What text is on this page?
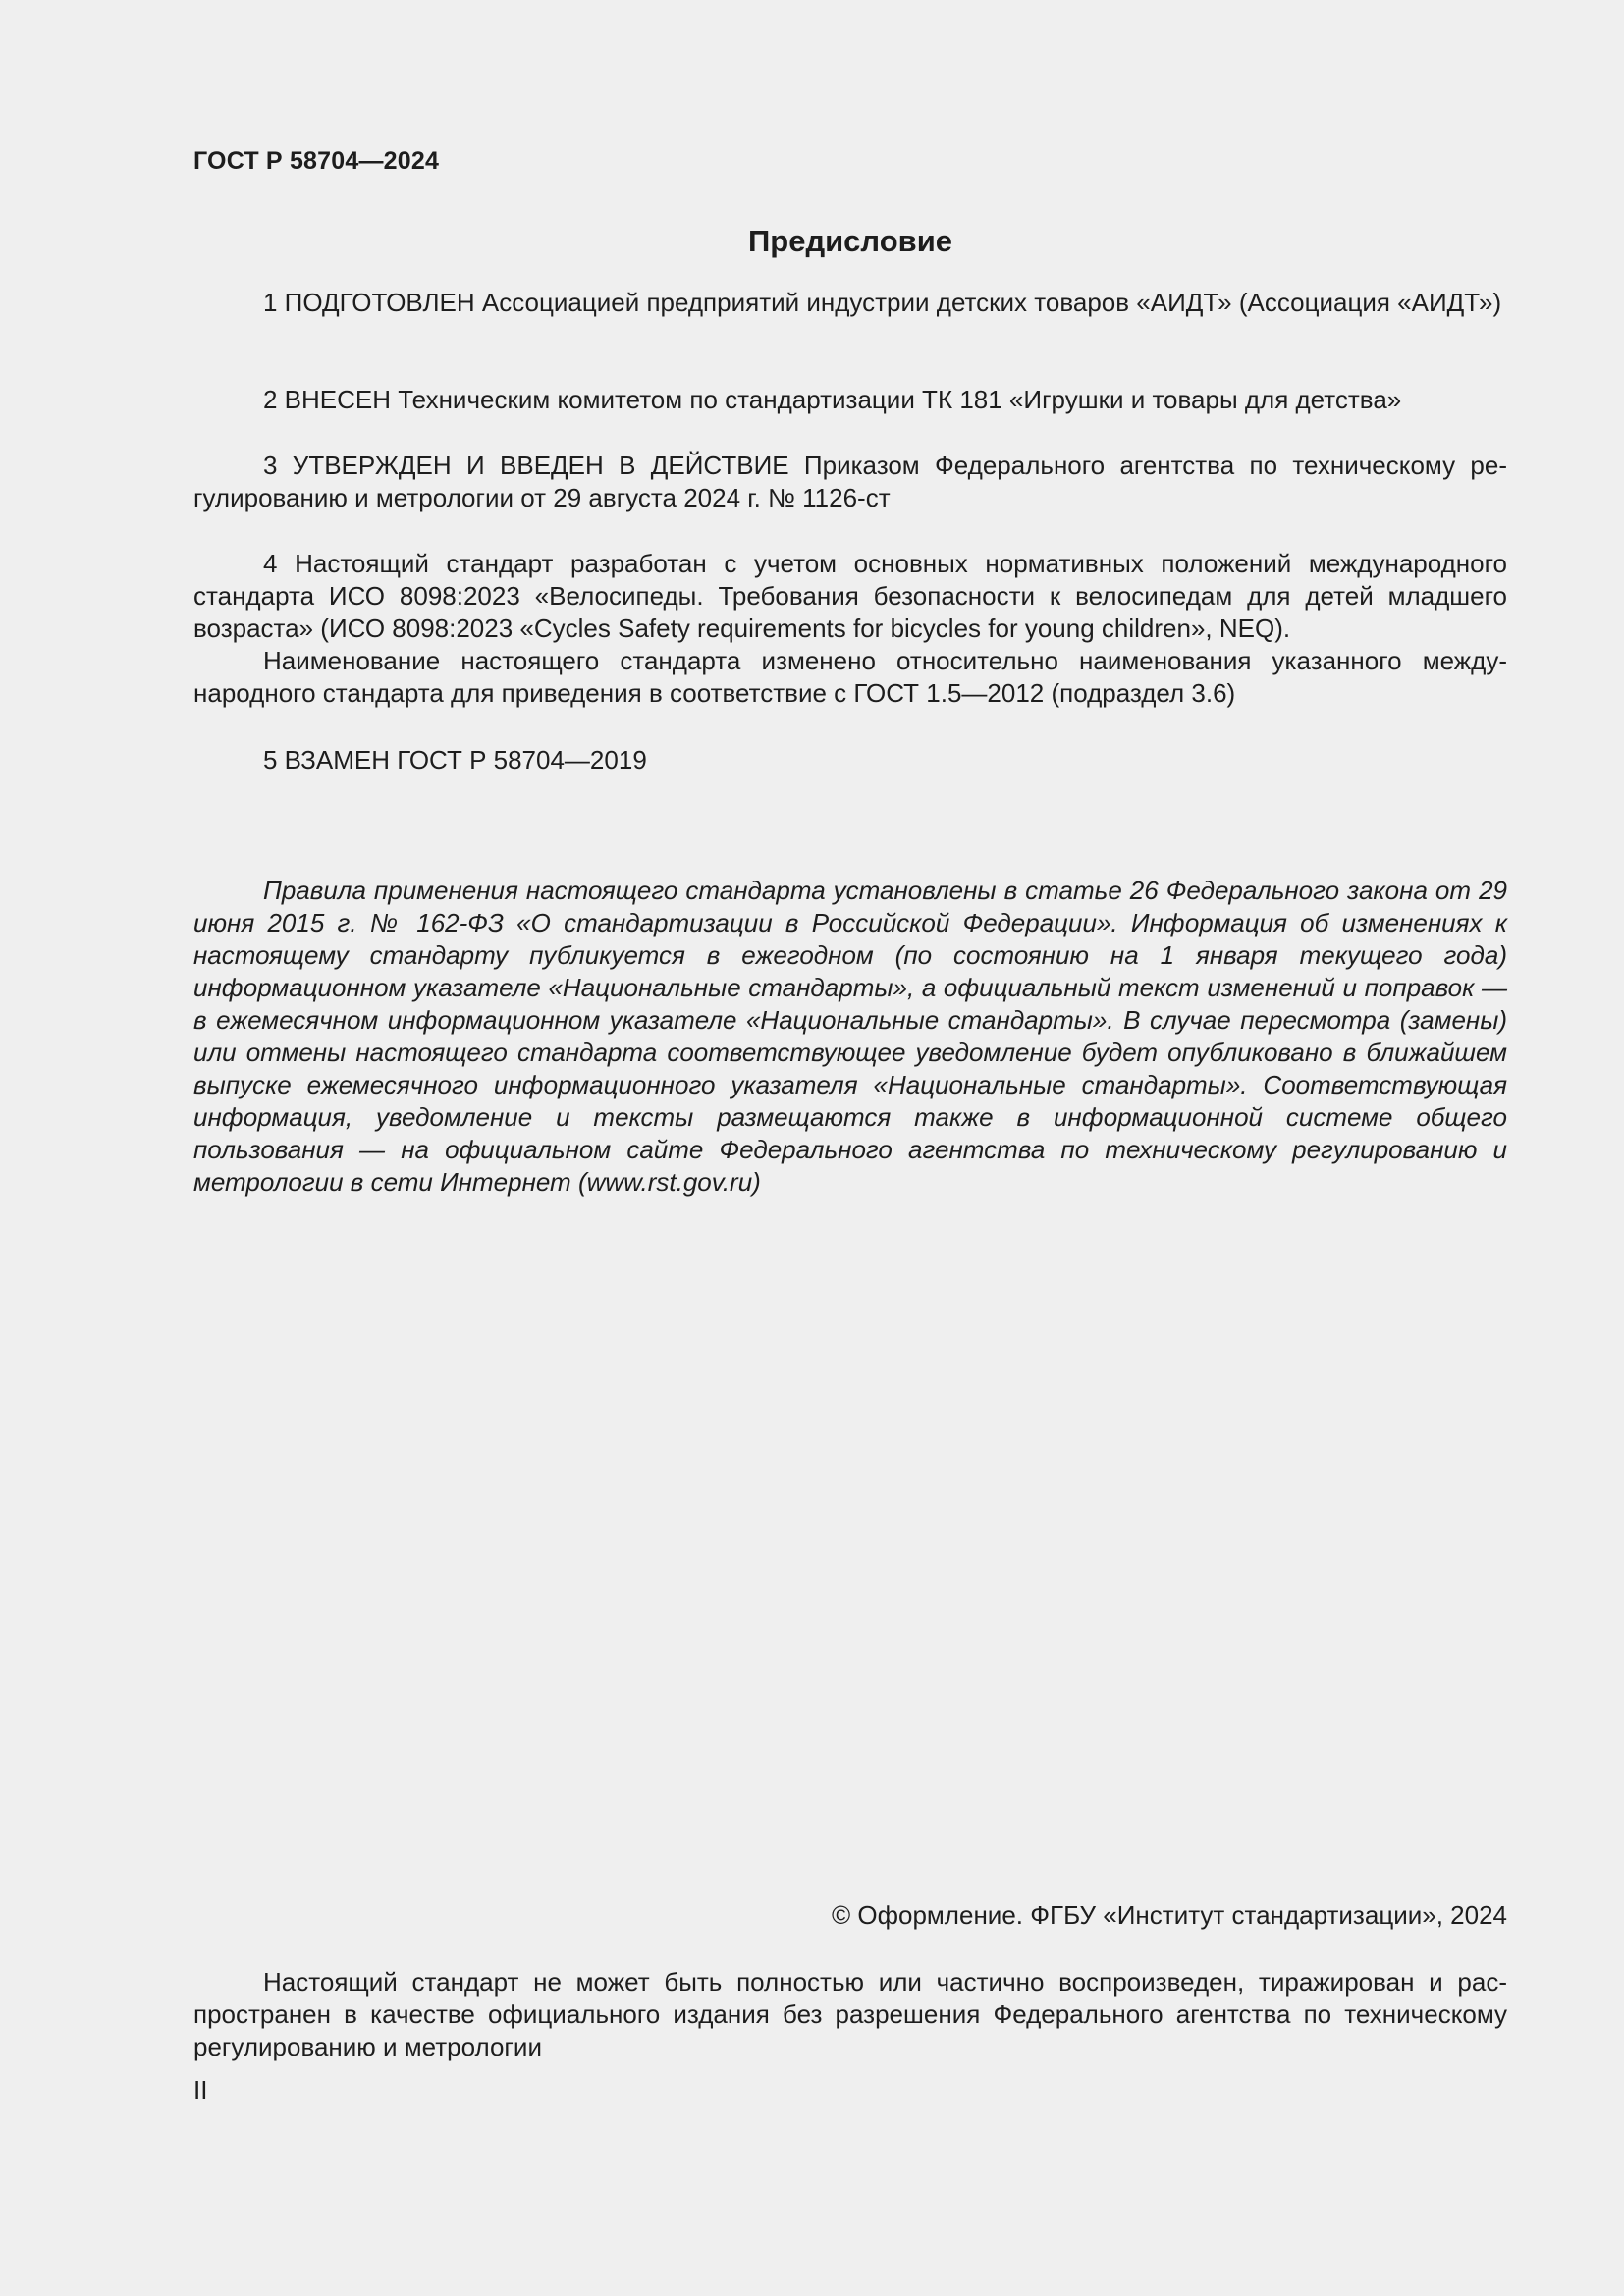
ГОСТ Р 58704—2024
Предисловие

1 ПОДГОТОВЛЕН Ассоциацией предприятий индустрии детских товаров «АИДТ» (Ассоциация «АИДТ»)

2 ВНЕСЕН Техническим комитетом по стандартизации ТК 181 «Игрушки и товары для детства»

3 УТВЕРЖДЕН И ВВЕДЕН В ДЕЙСТВИЕ Приказом Федерального агентства по техническому регулированию и метрологии от 29 августа 2024 г. № 1126-ст

4 Настоящий стандарт разработан с учетом основных нормативных положений международного стандарта ИСО 8098:2023 «Велосипеды. Требования безопасности к велосипедам для детей младшего возраста» (ИСО 8098:2023 «Cycles Safety requirements for bicycles for young children», NEQ).

Наименование настоящего стандарта изменено относительно наименования указанного международного стандарта для приведения в соответствие с ГОСТ 1.5—2012 (подраздел 3.6)

5 ВЗАМЕН ГОСТ Р 58704—2019

Правила применения настоящего стандарта установлены в статье 26 Федерального закона от 29 июня 2015 г. № 162-ФЗ «О стандартизации в Российской Федерации». Информация об изменениях к настоящему стандарту публикуется в ежегодном (по состоянию на 1 января текущего года) информационном указателе «Национальные стандарты», а официальный текст изменений и поправок — в ежемесячном информационном указателе «Национальные стандарты». В случае пересмотра (замены) или отмены настоящего стандарта соответствующее уведомление будет опубликовано в ближайшем выпуске ежемесячного информационного указателя «Национальные стандарты». Соответствующая информация, уведомление и тексты размещаются также в информационной системе общего пользования — на официальном сайте Федерального агентства по техническому регулированию и метрологии в сети Интернет (www.rst.gov.ru)

© Оформление. ФГБУ «Институт стандартизации», 2024

Настоящий стандарт не может быть полностью или частично воспроизведен, тиражирован и распространен в качестве официального издания без разрешения Федерального агентства по техническому регулированию и метрологии

II
